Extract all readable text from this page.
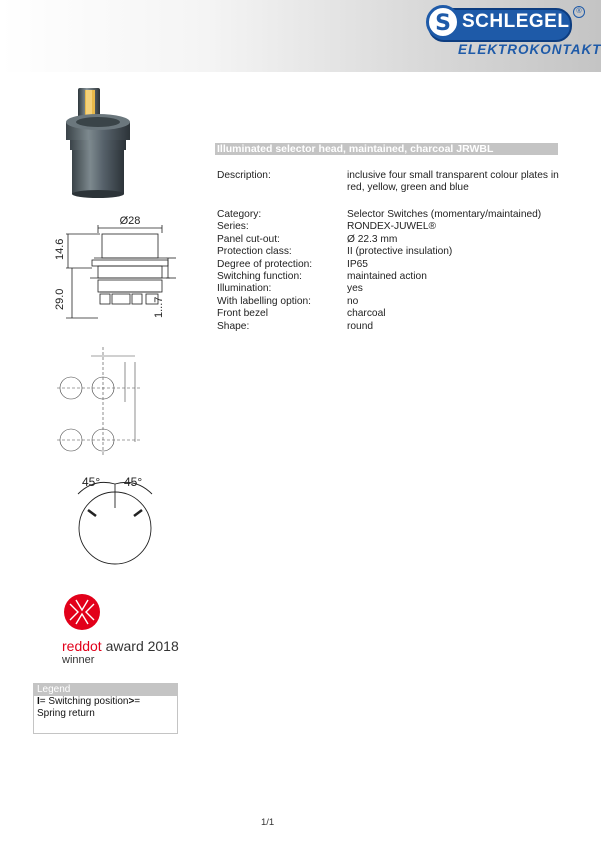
S SCHLEGEL ®
ELEKTROKONTAKT
Illuminated selector head, maintained, charcoal JRWBL
Description:	inclusive four small transparent colour plates in red, yellow, green and blue
Category:	Selector Switches (momentary/maintained)
Series:	RONDEX-JUWEL®
Panel cut-out:	Ø 22.3 mm
Protection class:	II (protective insulation)
Degree of protection:	IP65
Switching function:	maintained action
Illumination:	yes
With labelling option:	no
Front bezel	charcoal
Shape:	round
Ø28
14.6
29.0	1...7
45° 45°
reddot award 2018
winner
Legend
I= Switching position>=
Spring return
1/1
